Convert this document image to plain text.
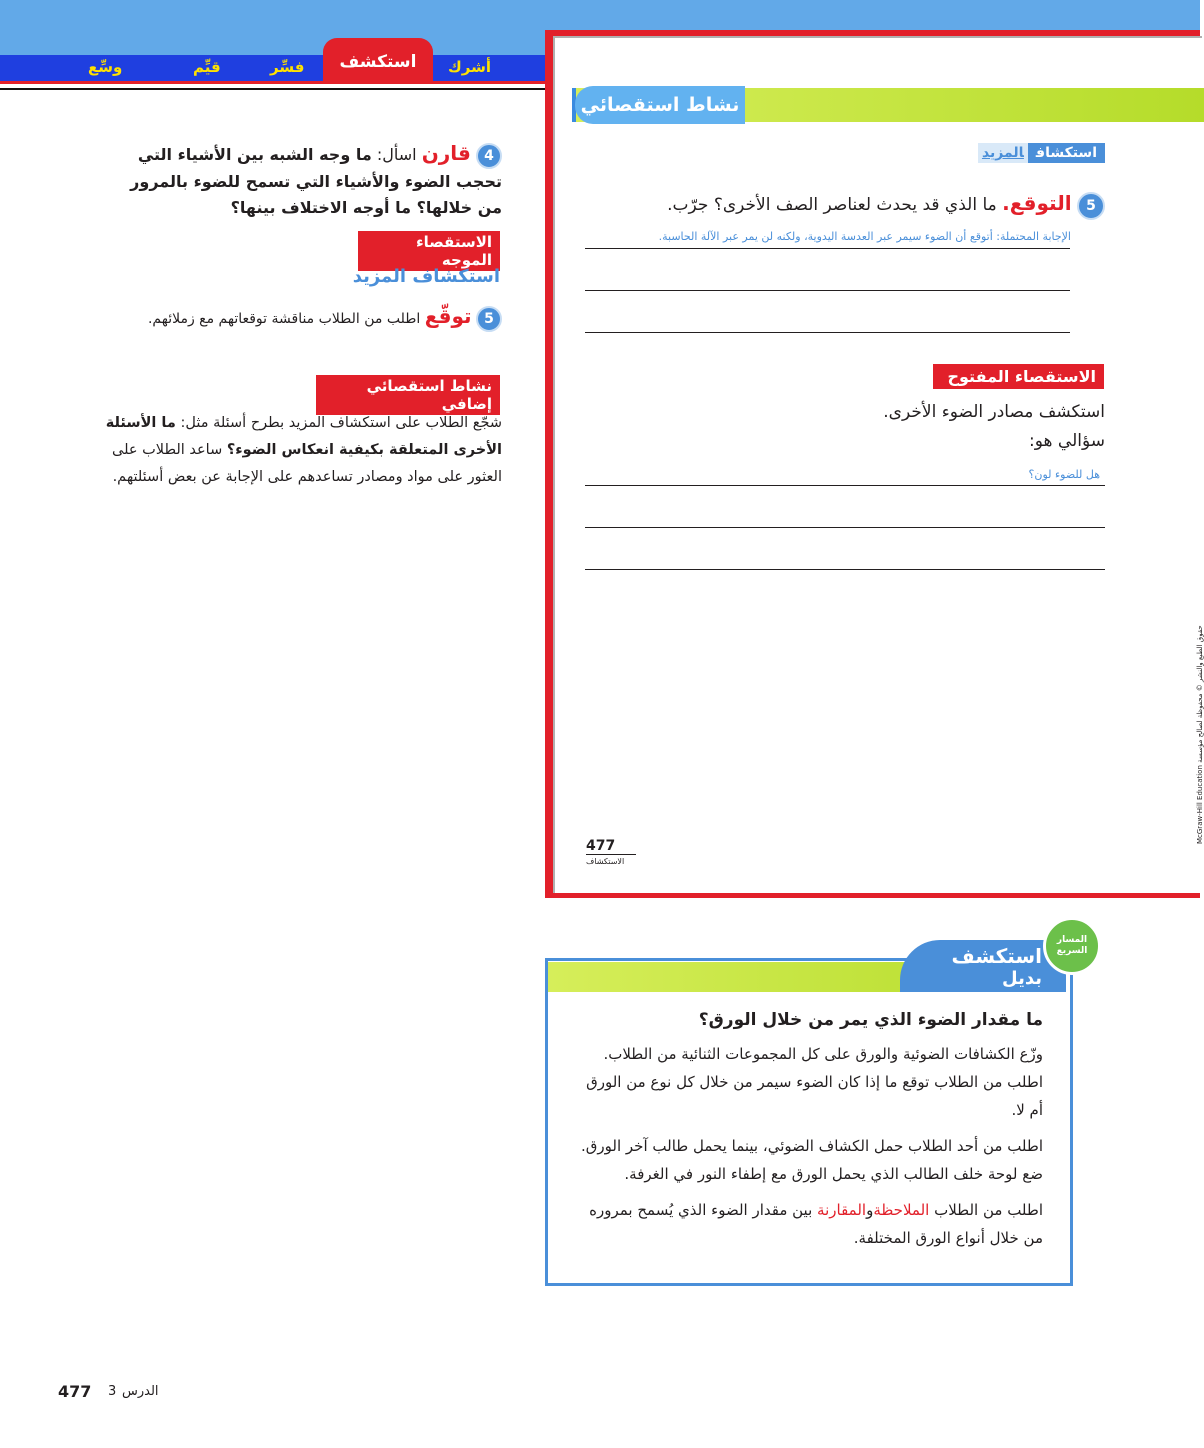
أشرك
فسِّر
قيِّم
وسِّع	استكشف
4 قارن اسأل: ما وجه الشبه بين الأشياء التي تحجب الضوء والأشياء التي تسمح للضوء بالمرور من خلالها؟ ما أوجه الاختلاف بينها؟
الاستقصاء الموجه
استكشاف المزيد
5 توقّع اطلب من الطلاب مناقشة توقعاتهم مع زملائهم.
نشاط استقصائي إضافي
شجّع الطلاب على استكشاف المزيد بطرح أسئلة مثل: ما الأسئلة الأخرى المتعلقة بكيفية انعكاس الضوء؟ ساعد الطلاب على العثور على مواد ومصادر تساعدهم على الإجابة عن بعض أسئلتهم.
نشاط استقصائي
استكشافالمزيد
5 التوقع. ما الذي قد يحدث لعناصر الصف الأخرى؟ جرّب.
الإجابة المحتملة: أتوقع أن الضوء سيمر عبر العدسة اليدوية، ولكنه لن يمر عبر الآلة الحاسبة.
الاستقصاء المفتوح
استكشف مصادر الضوء الأخرى.
سؤالي هو:
هل للضوء لون؟
477
الاستكشاف
McGraw-Hill Education حقوق الطبع والنشر © محفوظة لصالح مؤسسة
استكشف
بديل
المسار السريع
ما مقدار الضوء الذي يمر من خلال الورق؟

وزّع الكشافات الضوئية والورق على كل المجموعات الثنائية من الطلاب. اطلب من الطلاب توقع ما إذا كان الضوء سيمر من خلال كل نوع من الورق أم لا.

اطلب من أحد الطلاب حمل الكشاف الضوئي، بينما يحمل طالب آخر الورق. ضع لوحة خلف الطالب الذي يحمل الورق مع إطفاء النور في الغرفة.

اطلب من الطلاب الملاحظةوالمقارنة بين مقدار الضوء الذي يُسمح بمروره من خلال أنواع الورق المختلفة.

477 3 الدرس
